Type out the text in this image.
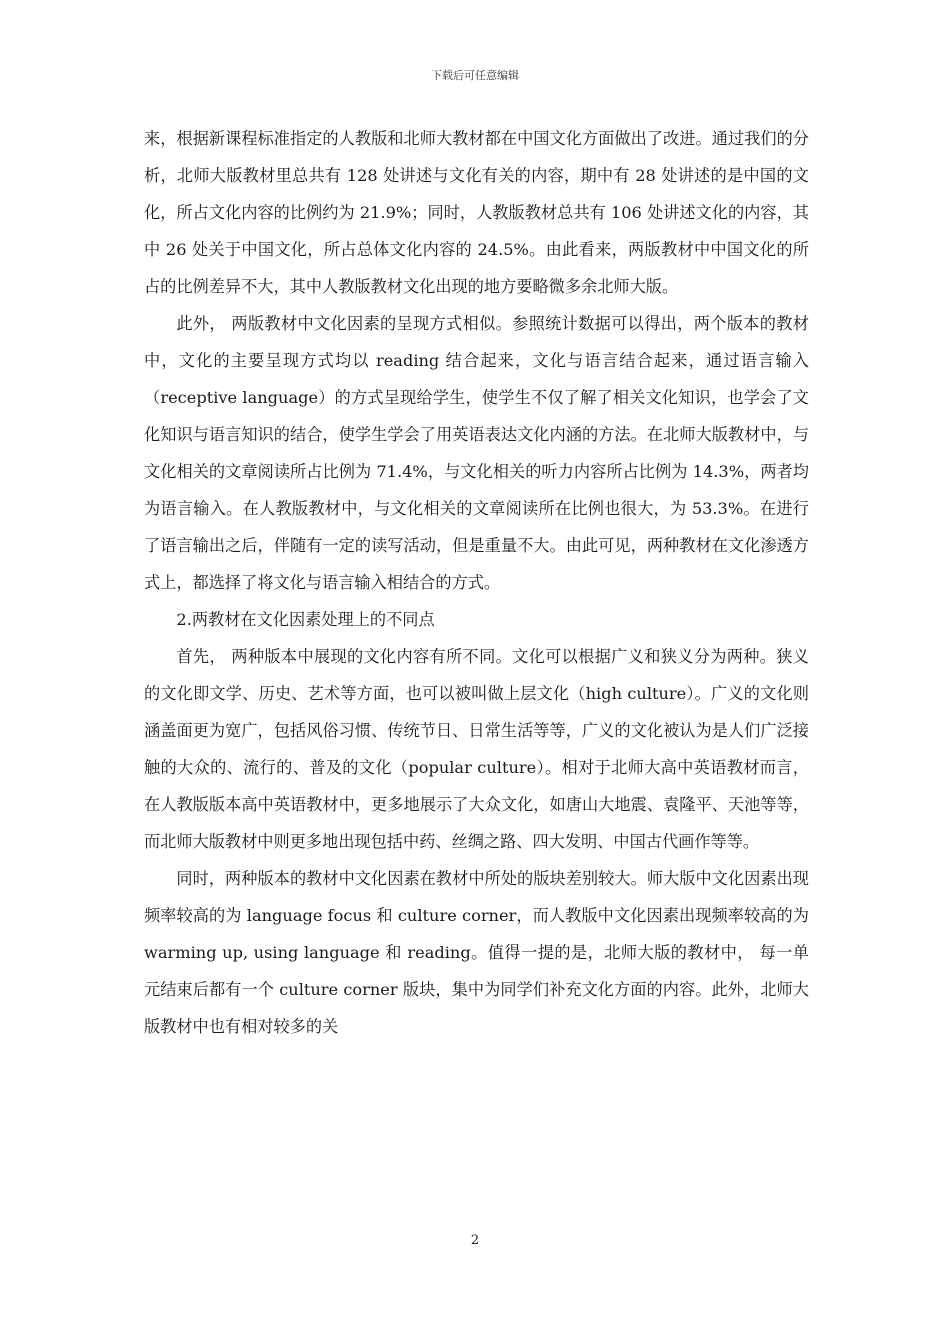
下载后可任意编辑

来，根据新课程标准指定的人教版和北师大教材都在中国文化方面做出了改进。通过我们的分析，北师大版教材里总共有 128 处讲述与文化有关的内容，期中有 28 处讲述的是中国的文化，所占文化内容的比例约为 21.9%；同时，人教版教材总共有 106 处讲述文化的内容，其中 26 处关于中国文化，所占总体文化内容的 24.5%。由此看来，两版教材中中国文化的所占的比例差异不大，其中人教版教材文化出现的地方要略微多余北师大版。

此外， 两版教材中文化因素的呈现方式相似。参照统计数据可以得出，两个版本的教材中，文化的主要呈现方式均以 reading 结合起来，文化与语言结合起来，通过语言输入（receptive language）的方式呈现给学生，使学生不仅了解了相关文化知识，也学会了文化知识与语言知识的结合，使学生学会了用英语表达文化内涵的方法。在北师大版教材中，与文化相关的文章阅读所占比例为 71.4%，与文化相关的听力内容所占比例为 14.3%，两者均为语言输入。在人教版教材中，与文化相关的文章阅读所在比例也很大，为 53.3%。在进行了语言输出之后，伴随有一定的读写活动，但是重量不大。由此可见，两种教材在文化渗透方式上，都选择了将文化与语言输入相结合的方式。

2.两教材在文化因素处理上的不同点

首先， 两种版本中展现的文化内容有所不同。文化可以根据广义和狭义分为两种。狭义的文化即文学、历史、艺术等方面，也可以被叫做上层文化（high culture）。广义的文化则涵盖面更为宽广，包括风俗习惯、传统节日、日常生活等等，广义的文化被认为是人们广泛接触的大众的、流行的、普及的文化（popular culture）。相对于北师大高中英语教材而言，在人教版版本高中英语教材中，更多地展示了大众文化，如唐山大地震、袁隆平、天池等等，而北师大版教材中则更多地出现包括中药、丝绸之路、四大发明、中国古代画作等等。

同时，两种版本的教材中文化因素在教材中所处的版块差别较大。师大版中文化因素出现频率较高的为 language focus 和 culture corner，而人教版中文化因素出现频率较高的为 warming up, using language 和 reading。值得一提的是，北师大版的教材中， 每一单元结束后都有一个 culture corner 版块，集中为同学们补充文化方面的内容。此外，北师大版教材中也有相对较多的关

2
